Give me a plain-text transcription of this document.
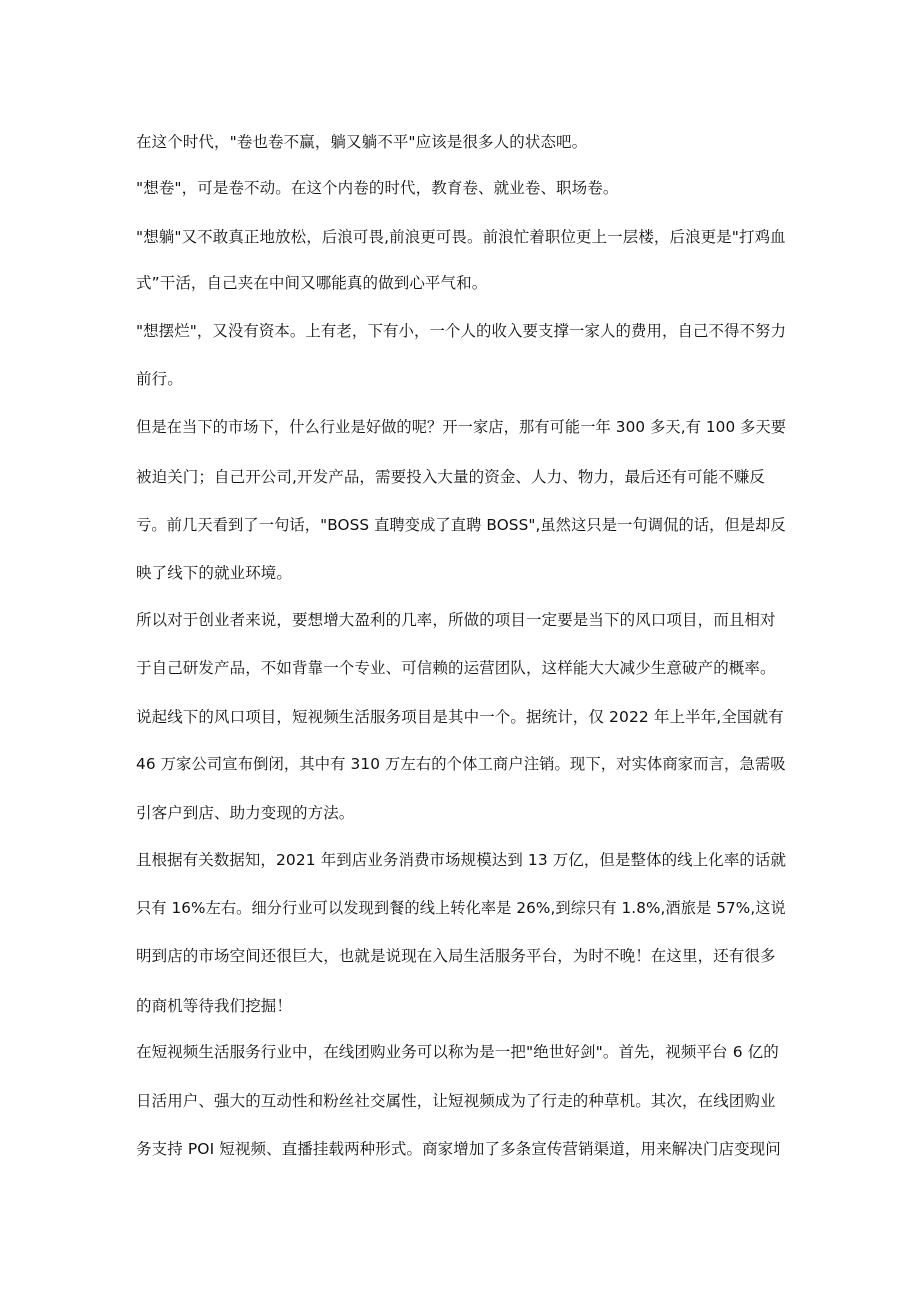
在这个时代，"卷也卷不赢，躺又躺不平"应该是很多人的状态吧。
"想卷"，可是卷不动。在这个内卷的时代，教育卷、就业卷、职场卷。
"想躺"又不敢真正地放松，后浪可畏,前浪更可畏。前浪忙着职位更上一层楼，后浪更是"打鸡血
式”干活，自己夹在中间又哪能真的做到心平气和。
"想摆烂"，又没有资本。上有老，下有小，一个人的收入要支撑一家人的费用，自己不得不努力
前行。
但是在当下的市场下，什么行业是好做的呢？开一家店，那有可能一年 300 多天,有 100 多天要
被迫关门；自己开公司,开发产品，需要投入大量的资金、人力、物力，最后还有可能不赚反
亏。前几天看到了一句话，"BOSS 直聘变成了直聘 BOSS",虽然这只是一句调侃的话，但是却反
映了线下的就业环境。
所以对于创业者来说，要想增大盈利的几率，所做的项目一定要是当下的风口项目，而且相对
于自己研发产品，不如背靠一个专业、可信赖的运营团队，这样能大大减少生意破产的概率。
说起线下的风口项目，短视频生活服务项目是其中一个。据统计，仅 2022 年上半年,全国就有
46 万家公司宣布倒闭，其中有 310 万左右的个体工商户注销。现下，对实体商家而言，急需吸
引客户到店、助力变现的方法。
且根据有关数据知，2021 年到店业务消费市场规模达到 13 万亿，但是整体的线上化率的话就
只有 16%左右。细分行业可以发现到餐的线上转化率是 26%,到综只有 1.8%,酒旅是 57%,这说
明到店的市场空间还很巨大，也就是说现在入局生活服务平台，为时不晚！在这里，还有很多
的商机等待我们挖掘！
在短视频生活服务行业中，在线团购业务可以称为是一把"绝世好剑"。首先，视频平台 6 亿的
日活用户、强大的互动性和粉丝社交属性，让短视频成为了行走的种草机。其次，在线团购业
务支持 POI 短视频、直播挂载两种形式。商家增加了多条宣传营销渠道，用来解决门店变现问
